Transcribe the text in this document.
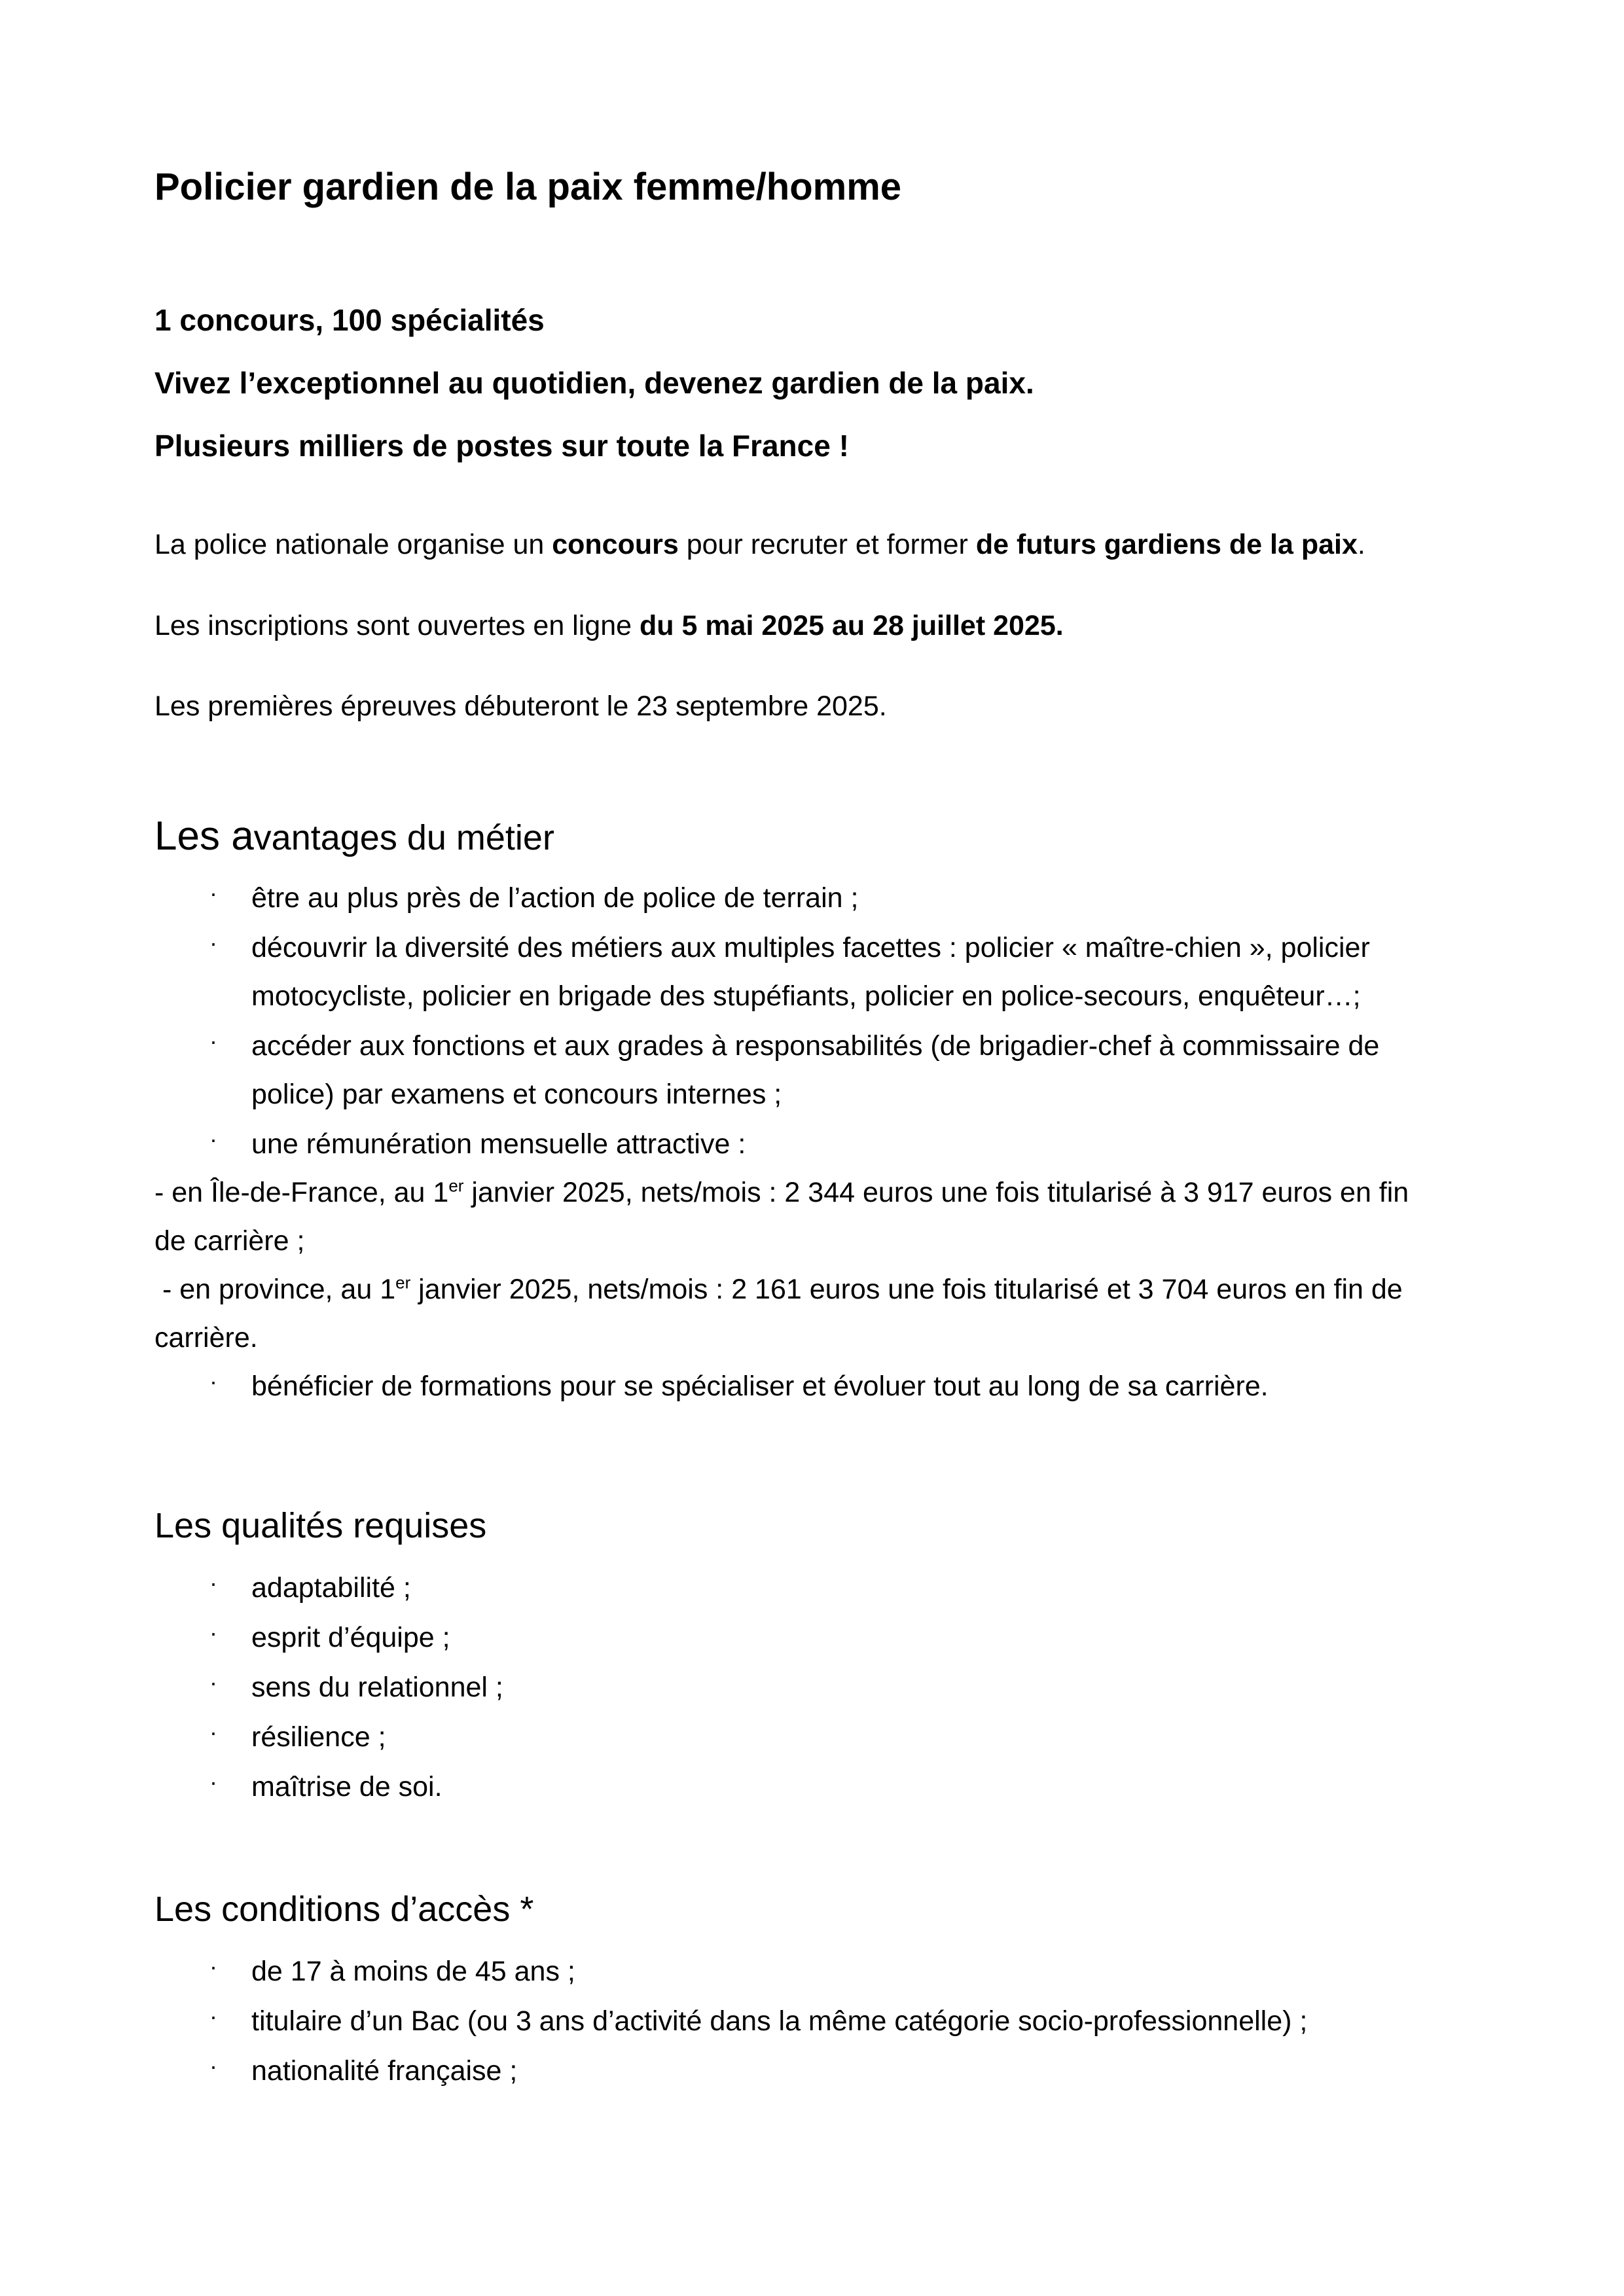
Policier gardien de la paix femme/homme
1 concours, 100 spécialités
Vivez l’exceptionnel au quotidien, devenez gardien de la paix.
Plusieurs milliers de postes sur toute la France !
La police nationale organise un concours pour recruter et former de futurs gardiens de la paix.
Les inscriptions sont ouvertes en ligne du 5 mai 2025 au 28 juillet 2025.
Les premières épreuves débuteront le 23 septembre 2025.
Les avantages du métier
· être au plus près de l’action de police de terrain ;
· découvrir la diversité des métiers aux multiples facettes : policier « maître-chien », policier
motocycliste, policier en brigade des stupéfiants, policier en police-secours, enquêteur…;
· accéder aux fonctions et aux grades à responsabilités (de brigadier-chef à commissaire de
police) par examens et concours internes ;
· une rémunération mensuelle attractive :
- en Île-de-France, au 1er janvier 2025, nets/mois : 2 344 euros une fois titularisé à 3 917 euros en fin
de carrière ;
- en province, au 1er janvier 2025, nets/mois : 2 161 euros une fois titularisé et 3 704 euros en fin de
carrière.
· bénéficier de formations pour se spécialiser et évoluer tout au long de sa carrière.
Les qualités requises
· adaptabilité ;
· esprit d’équipe ;
· sens du relationnel ;
· résilience ;
· maîtrise de soi.
Les conditions d’accès *
· de 17 à moins de 45 ans ;
· titulaire d’un Bac (ou 3 ans d’activité dans la même catégorie socio-professionnelle) ;
· nationalité française ;
